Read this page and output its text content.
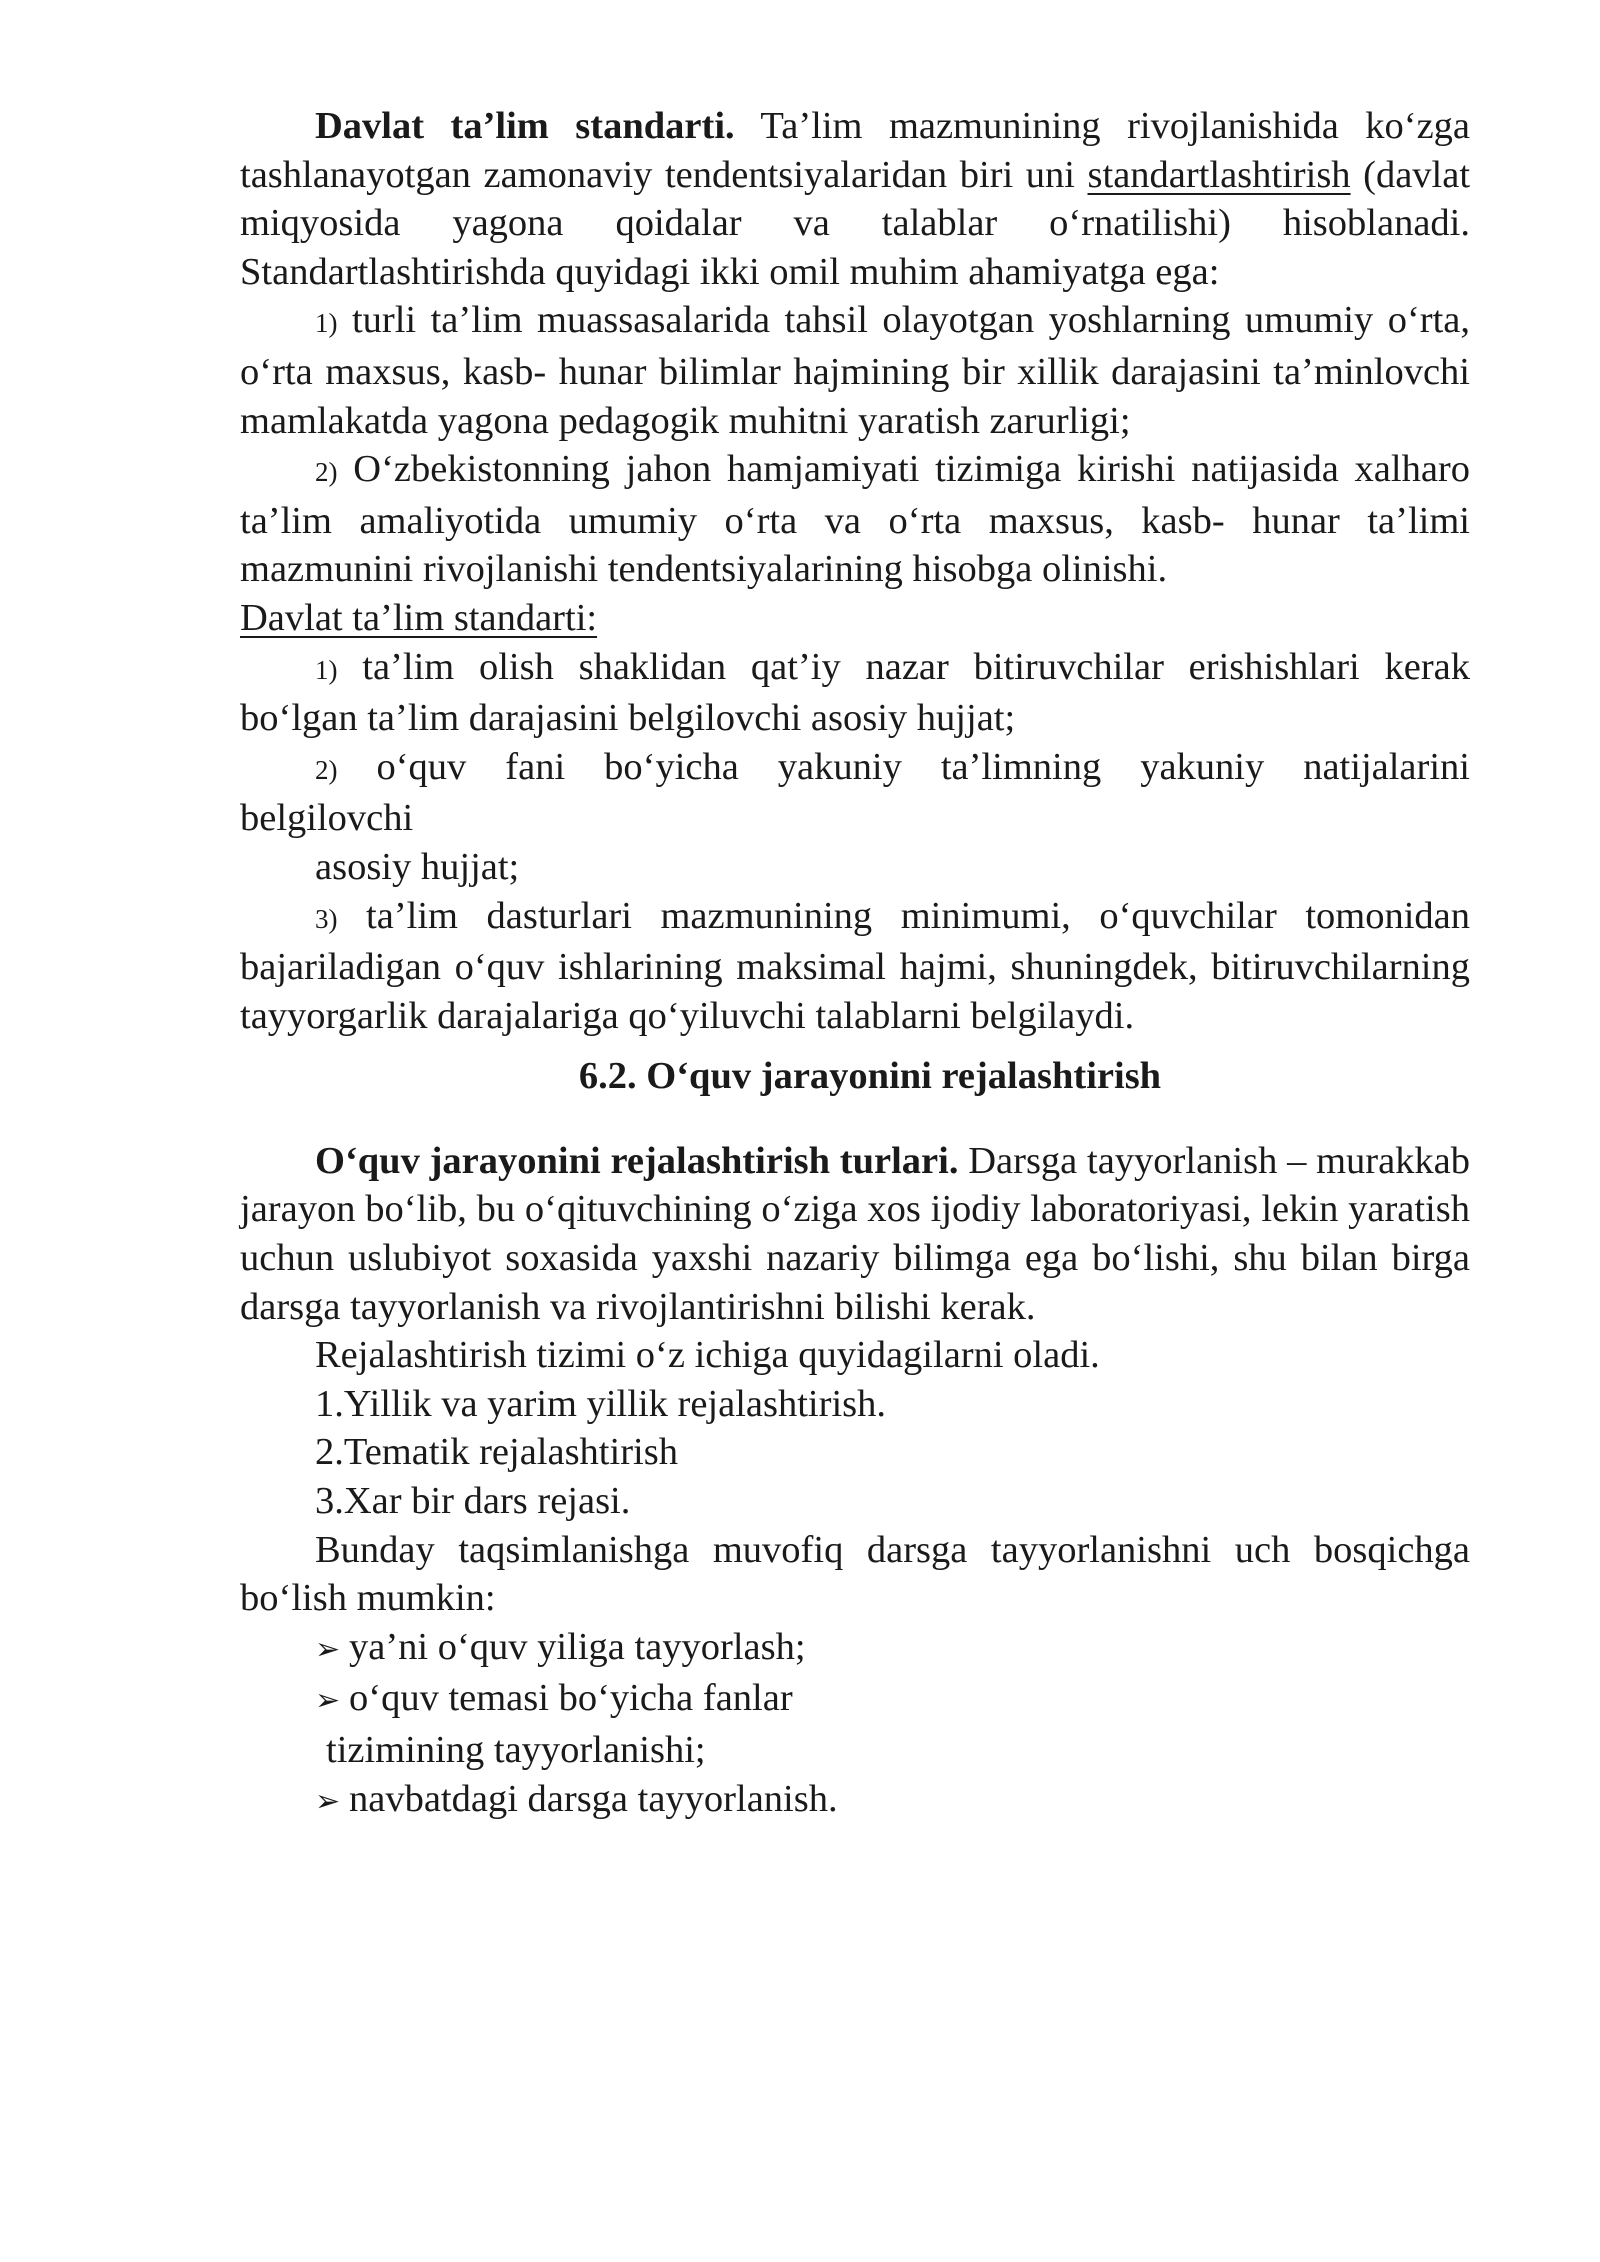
Davlat ta’lim standarti. Ta’lim mazmunining rivojlanishida ko‘zga tashlanayotgan zamonaviy tendentsiyalaridan biri uni standartlashtirish (davlat miqyosida yagona qoidalar va talablar o‘rnatilishi) hisoblanadi. Standartlashtirishda quyidagi ikki omil muhim ahamiyatga ega:

1) turli ta’lim muassasalarida tahsil olayotgan yoshlarning umumiy o‘rta, o‘rta maxsus, kasb- hunar bilimlar hajmining bir xillik darajasini ta’minlovchi mamlakatda yagona pedagogik muhitni yaratish zarurligi;

2) O‘zbekistonning jahon hamjamiyati tizimiga kirishi natijasida xalharo ta’lim amaliyotida umumiy o‘rta va o‘rta maxsus, kasb- hunar ta’limi mazmunini rivojlanishi tendentsiyalarining hisobga olinishi.

Davlat ta’lim standarti:

1) ta’lim olish shaklidan qat’iy nazar bitiruvchilar erishishlari kerak bo‘lgan ta’lim darajasini belgilovchi asosiy hujjat;

2) o‘quv fani bo‘yicha yakuniy ta’limning yakuniy natijalarini

belgilovchi

asosiy hujjat;

3) ta’lim dasturlari mazmunining minimumi, o‘quvchilar tomonidan bajariladigan o‘quv ishlarining maksimal hajmi, shuningdek, bitiruvchilarning tayyorgarlik darajalariga qo‘yiluvchi talablarni belgilaydi.

6.2. O‘quv jarayonini rejalashtirish

O‘quv jarayonini rejalashtirish turlari. Darsga tayyorlanish – murakkab jarayon bo‘lib, bu o‘qituvchining o‘ziga xos ijodiy laboratoriyasi, lekin yaratish uchun uslubiyot soxasida yaxshi nazariy bilimga ega bo‘lishi, shu bilan birga darsga tayyorlanish va rivojlantirishni bilishi kerak.

Rejalashtirish tizimi o‘z ichiga quyidagilarni oladi.

1.Yillik va yarim yillik rejalashtirish.

2.Tematik rejalashtirish

3.Xar bir dars rejasi.

Bunday taqsimlanishga muvofiq darsga tayyorlanishni uch bosqichga bo‘lish mumkin:

➢ ya’ni o‘quv yiligа tayyorlash;

➢ o‘quv temasi bo‘yicha fanlar

tizimining tayyorlanishi;

➢ navbatdagi darsga tayyorlanish.
